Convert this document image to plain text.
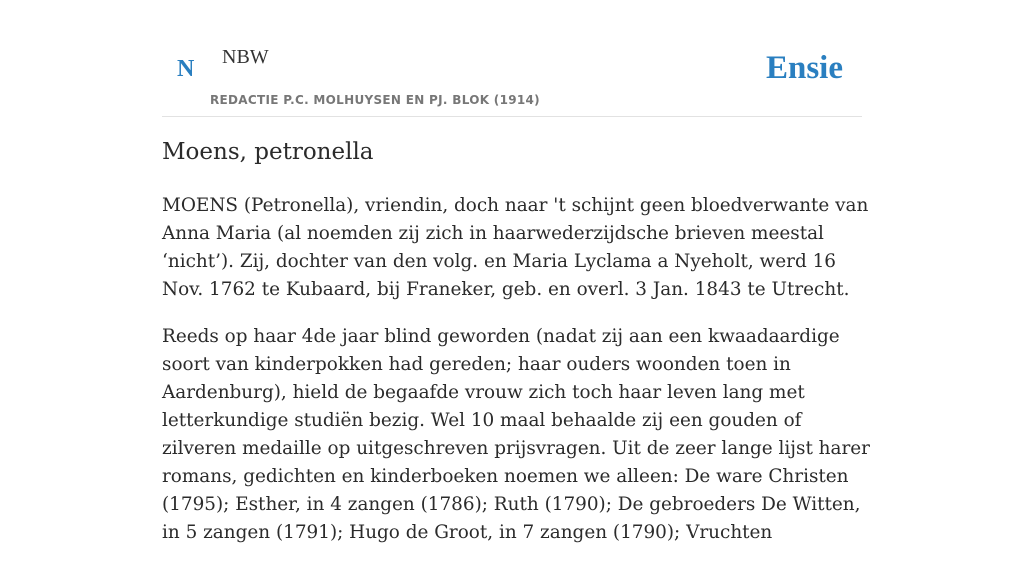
N NBW	Ensie
REDACTIE P.C. MOLHUYSEN EN PJ. BLOK (1914)
Moens, petronella

MOENS (Petronella), vriendin, doch naar 't schijnt geen bloedverwante van Anna Maria (al noemden zij zich in haarwederzijdsche brieven meestal ‘nicht’). Zij, dochter van den volg. en Maria Lyclama a Nyeholt, werd 16 Nov. 1762 te Kubaard, bij Franeker, geb. en overl. 3 Jan. 1843 te Utrecht.

Reeds op haar 4de jaar blind geworden (nadat zij aan een kwaadaardige soort van kinderpokken had gereden; haar ouders woonden toen in Aardenburg), hield de begaafde vrouw zich toch haar leven lang met letterkundige studiën bezig. Wel 10 maal behaalde zij een gouden of zilveren medaille op uitgeschreven prijsvragen. Uit de zeer lange lijst harer romans, gedichten en kinderboeken noemen we alleen: De ware Christen (1795); Esther, in 4 zangen (1786); Ruth (1790); De gebroeders De Witten, in 5 zangen (1791); Hugo de Groot, in 7 zangen (1790); Vruchten
